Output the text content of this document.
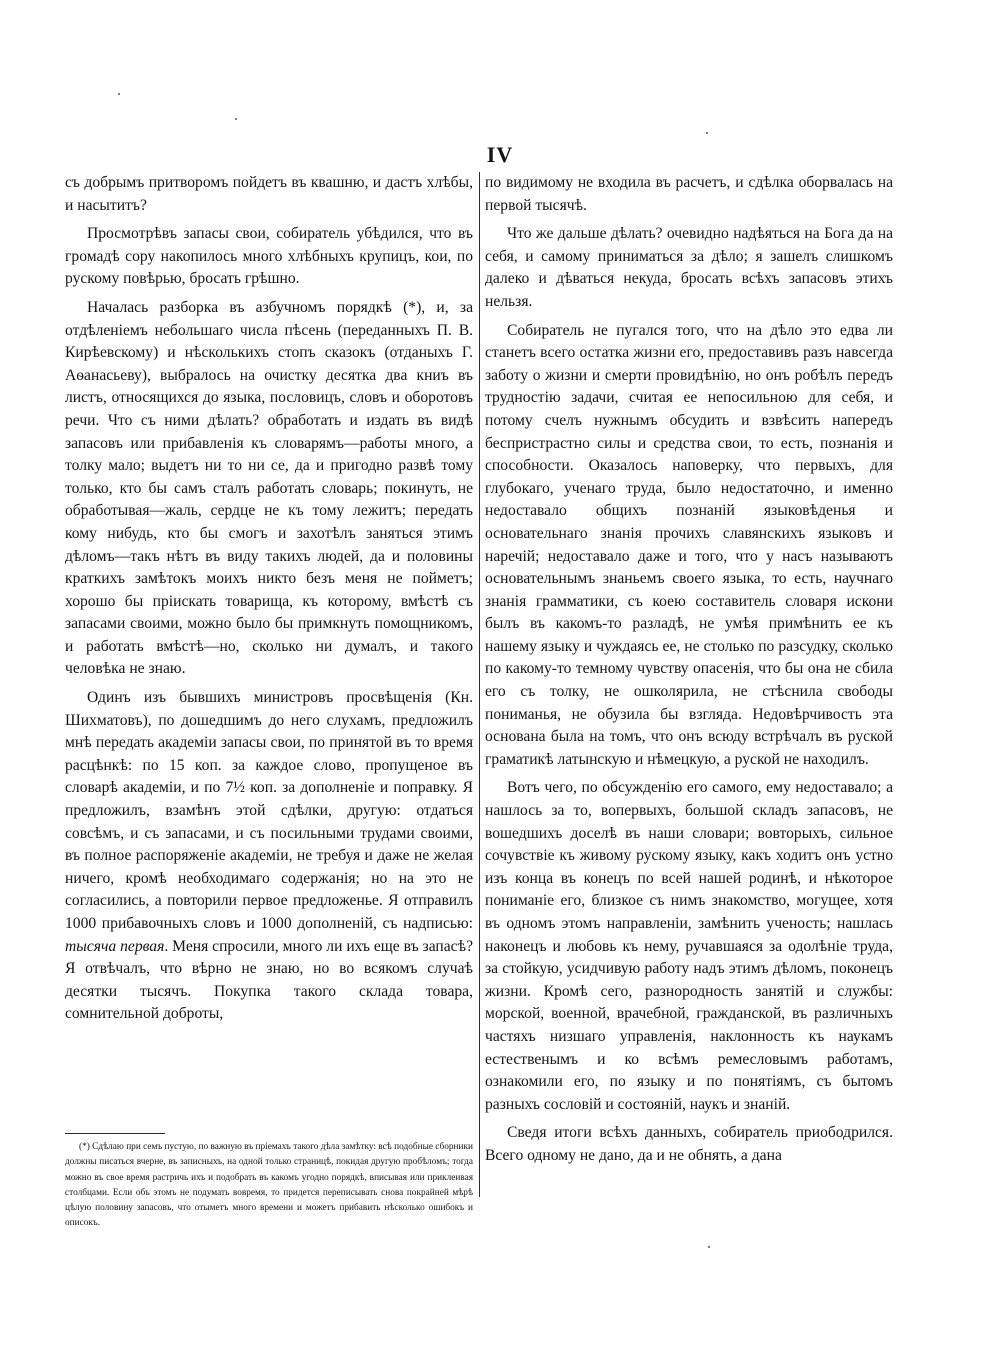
IV

съ добрымъ притворомъ пойдетъ въ квашню, и дастъ хлѣбы, и насытитъ?

Просмотрѣвъ запасы свои, собиратель убѣдился, что въ громадѣ сору накопилось много хлѣбныхъ крупицъ, кои, по рускому повѣрью, бросать грѣшно.

Началась разборка въ азбучномъ порядкѣ (*), и, за отдѣленіемъ небольшаго числа пѣсень (переданныхъ П. В. Кирѣевскому) и нѣсколькихъ стопъ сказокъ (отданыхъ Г. Аѳанасьеву), выбралось на очистку десятка два книъ въ листъ, относящихся до языка, пословицъ, словъ и оборотовъ речи. Что съ ними дѣлать? обработать и издать въ видѣ запасовъ или прибавленія къ словарямъ—работы много, а толку мало; выдетъ ни то ни се, да и пригодно развѣ тому только, кто бы самъ сталъ работать словарь; покинуть, не обработывая—жаль, сердце не къ тому лежитъ; передать кому нибудь, кто бы смогъ и захотѣлъ заняться этимъ дѣломъ—такъ нѣтъ въ виду такихъ людей, да и половины краткихъ замѣтокъ моихъ никто безъ меня не пойметъ; хорошо бы пріискать товарища, къ которому, вмѣстѣ съ запасами своими, можно было бы примкнуть помощникомъ, и работать вмѣстѣ—но, сколько ни думалъ, и такого человѣка не знаю.

Одинъ изъ бывшихъ министровъ просвѣщенія (Кн. Шихматовъ), по дошедшимъ до него слухамъ, предложилъ мнѣ передать академіи запасы свои, по принятой въ то время расцѣнкѣ: по 15 коп. за каждое слово, пропущеное въ словарѣ академіи, и по 7½ коп. за дополненіе и поправку. Я предложилъ, взамѣнъ этой сдѣлки, другую: отдаться совсѣмъ, и съ запасами, и съ посильными трудами своими, въ полное распоряженіе академіи, не требуя и даже не желая ничего, кромѣ необходимаго содержанія; но на это не согласились, а повторили первое предложенье. Я отправилъ 1000 прибавочныхъ словъ и 1000 дополненій, съ надписью: тысяча первая. Меня спросили, много ли ихъ еще въ запасѣ? Я отвѣчалъ, что вѣрно не знаю, но во всякомъ случаѣ десятки тысячъ. Покупка такого склада товара, сомнительной доброты,

(*) Сдѣлаю при семъ пустую, по важную въ пріемахъ такого дѣла замѣтку: всѣ подобные сборники должны писаться вчерне, въ записныхъ, на одной только страницѣ, покидая другую пробѣломъ; тогда можно въ свое время растричь ихъ и подобрать въ какомъ угодно порядкѣ, вписывая или приклеивая столбцами. Если объ этомъ не подумать вовремя, то придется переписывать снова покрайней мѣрѣ цѣлую половину запасовъ, что отыметъ много времени и можетъ прибавить нѣсколько ошибокъ и описокъ.

по видимому не входила въ расчетъ, и сдѣлка оборвалась на первой тысячѣ.

Что же дальше дѣлать? очевидно надѣяться на Бога да на себя, и самому приниматься за дѣло; я зашелъ слишкомъ далеко и дѣваться некуда, бросать всѣхъ запасовъ этихъ нельзя.

Собиратель не пугался того, что на дѣло это едва ли станетъ всего остатка жизни его, предоставивъ разъ навсегда заботу о жизни и смерти провидѣнію, но онъ робѣлъ передъ трудностію задачи, считая ее непосильною для себя, и потому счелъ нужнымъ обсудить и взвѣсить напередъ беспристрастно силы и средства свои, то есть, познанія и способности. Оказалось наповерку, что первыхъ, для глубокаго, ученаго труда, было недостаточно, и именно недоставало общихъ познаній языковѣденья и основательнаго знанія прочихъ славянскихъ языковъ и наречій; недоставало даже и того, что у насъ называютъ основательнымъ знаньемъ своего языка, то есть, научнаго знанія грамматики, съ коею составитель словаря искони былъ въ какомъ-то разладѣ, не умѣя примѣнить ее къ нашему языку и чуждаясь ее, не столько по разсудку, сколько по какому-то темному чувству опасенія, что бы она не сбила его съ толку, не ошколярила, не стѣснила свободы пониманья, не обузила бы взгляда. Недовѣрчивость эта основана была на томъ, что онъ всюду встрѣчалъ въ руской граматикѣ латынскую и нѣмецкую, а руской не находилъ.

Вотъ чего, по обсужденію его самого, ему недоставало; а нашлось за то, вопервыхъ, большой складъ запасовъ, не вошедшихъ доселѣ въ наши словари; вовторыхъ, сильное сочувствіе къ живому рускому языку, какъ ходитъ онъ устно изъ конца въ конецъ по всей нашей родинѣ, и нѣкоторое пониманіе его, близкое съ нимъ знакомство, могущее, хотя въ одномъ этомъ направленіи, замѣнить ученость; нашлась наконецъ и любовь къ нему, ручавшаяся за одолѣніе труда, за стойкую, усидчивую работу надъ этимъ дѣломъ, поконецъ жизни. Кромѣ сего, разнородность занятій и службы: морской, военной, врачебной, гражданской, въ различныхъ частяхъ низшаго управленія, наклонность къ наукамъ естественымъ и ко всѣмъ ремесловымъ работамъ, ознакомили его, по языку и по понятіямъ, съ бытомъ разныхъ сословій и состояній, наукъ и знаній.

Сведя итоги всѣхъ данныхъ, собиратель приободрился. Всего одному не дано, да и не обнять, а дана
